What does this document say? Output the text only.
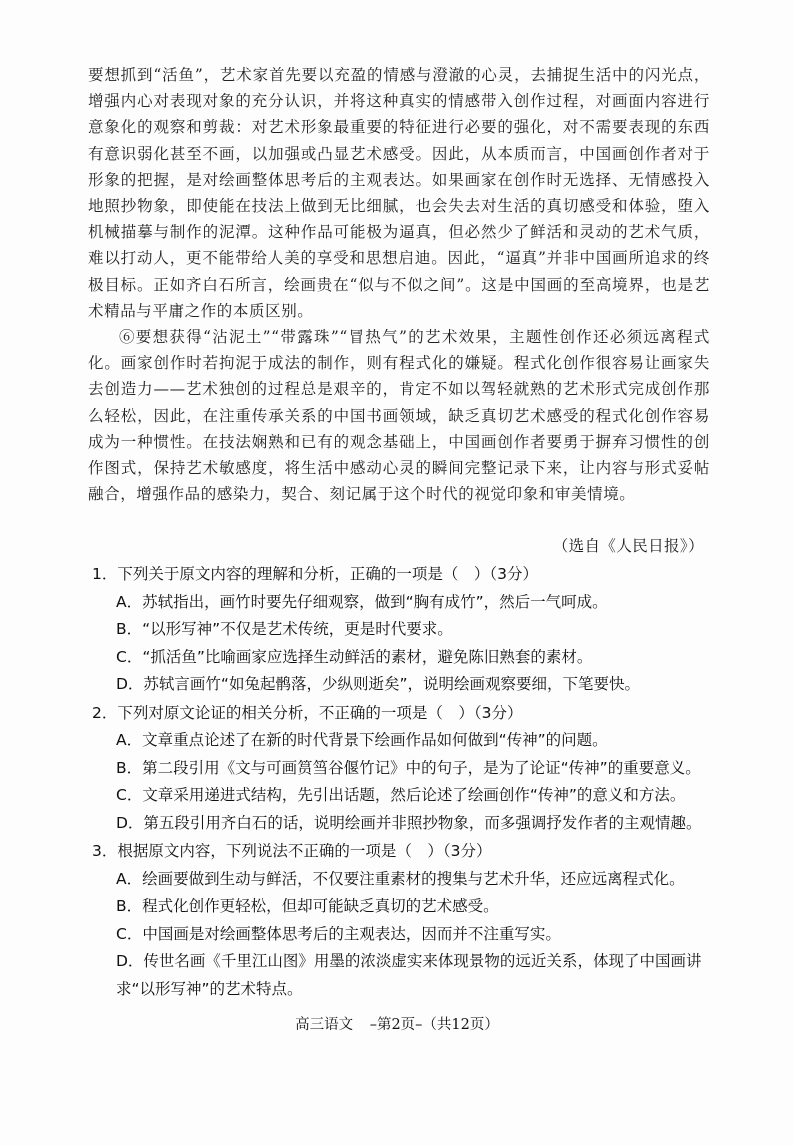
要想抓到“活鱼”，艺术家首先要以充盈的情感与澄澈的心灵，去捕捉生活中的闪光点，增强内心对表现对象的充分认识，并将这种真实的情感带入创作过程，对画面内容进行意象化的观察和剪裁：对艺术形象最重要的特征进行必要的强化，对不需要表现的东西有意识弱化甚至不画，以加强或凸显艺术感受。因此，从本质而言，中国画创作者对于形象的把握，是对绘画整体思考后的主观表达。如果画家在创作时无选择、无情感投入地照抄物象，即使能在技法上做到无比细腻，也会失去对生活的真切感受和体验，堕入机械描摹与制作的泥潭。这种作品可能极为逼真，但必然少了鲜活和灵动的艺术气质，难以打动人，更不能带给人美的享受和思想启迪。因此，“逼真”并非中国画所追求的终极目标。正如齐白石所言，绘画贵在“似与不似之间”。这是中国画的至高境界，也是艺术精品与平庸之作的本质区别。

⑥要想获得“沾泥土”“带露珠”“冒热气”的艺术效果，主题性创作还必须远离程式化。画家创作时若拘泥于成法的制作，则有程式化的嫌疑。程式化创作很容易让画家失去创造力——艺术独创的过程总是艰辛的，肯定不如以驾轻就熟的艺术形式完成创作那么轻松，因此，在注重传承关系的中国书画领域，缺乏真切艺术感受的程式化创作容易成为一种惯性。在技法娴熟和已有的观念基础上，中国画创作者要勇于摒弃习惯性的创作图式，保持艺术敏感度，将生活中感动心灵的瞬间完整记录下来，让内容与形式妥帖融合，增强作品的感染力，契合、刻记属于这个时代的视觉印象和审美情境。

（选自《人民日报》）

1．下列关于原文内容的理解和分析，正确的一项是（　）（3分）

A．苏轼指出，画竹时要先仔细观察，做到“胸有成竹”，然后一气呵成。

B．“以形写神”不仅是艺术传统，更是时代要求。

C．“抓活鱼”比喻画家应选择生动鲜活的素材，避免陈旧熟套的素材。

D．苏轼言画竹“如兔起鹘落，少纵则逝矣”，说明绘画观察要细，下笔要快。

2．下列对原文论证的相关分析，不正确的一项是（　）（3分）

A．文章重点论述了在新的时代背景下绘画作品如何做到“传神”的问题。

B．第二段引用《文与可画筼筜谷偃竹记》中的句子，是为了论证“传神”的重要意义。

C．文章采用递进式结构，先引出话题，然后论述了绘画创作“传神”的意义和方法。

D．第五段引用齐白石的话，说明绘画并非照抄物象，而多强调抒发作者的主观情趣。

3．根据原文内容，下列说法不正确的一项是（　）（3分）

A．绘画要做到生动与鲜活，不仅要注重素材的搜集与艺术升华，还应远离程式化。

B．程式化创作更轻松，但却可能缺乏真切的艺术感受。

C．中国画是对绘画整体思考后的主观表达，因而并不注重写实。

D．传世名画《千里江山图》用墨的浓淡虚实来体现景物的远近关系，体现了中国画讲求“以形写神”的艺术特点。

高三语文 –第2页–（共12页）
